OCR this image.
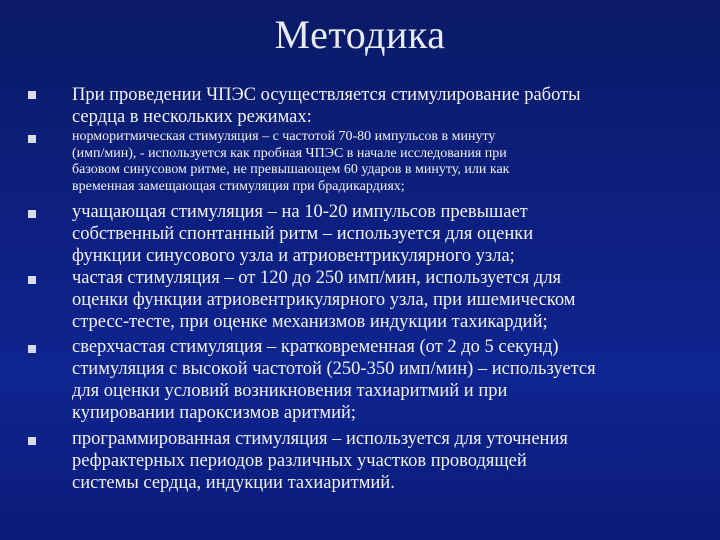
Методика
При проведении ЧПЭС осуществляется стимулирование работы
сердца в нескольких режимах:
норморитмическая стимуляция – с частотой 70-80 импульсов в минуту
(имп/мин), - используется как пробная ЧПЭС в начале исследования при
базовом синусовом ритме, не превышающем 60 ударов в минуту, или как
временная замещающая стимуляция при брадикардиях;
учащающая стимуляция – на 10-20 импульсов превышает
собственный спонтанный ритм – используется для оценки
функции синусового узла и атриовентрикулярного узла;
частая стимуляция – от 120 до 250 имп/мин, используется для
оценки функции атриовентрикулярного узла, при ишемическом
стресс-тесте, при оценке механизмов индукции тахикардий;
сверхчастая стимуляция – кратковременная (от 2 до 5 секунд)
стимуляция с высокой частотой (250-350 имп/мин) – используется
для оценки условий возникновения тахиаритмий и при
купировании пароксизмов аритмий;
программированная стимуляция – используется для уточнения
рефрактерных периодов различных участков проводящей
системы сердца, индукции тахиаритмий.
